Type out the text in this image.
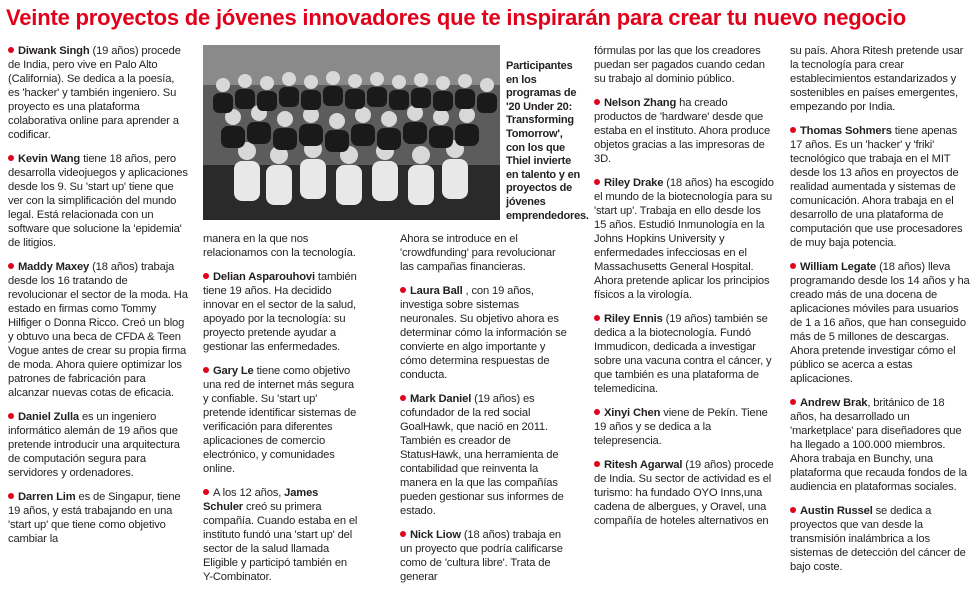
Veinte proyectos de jóvenes innovadores que te inspirarán para crear tu nuevo negocio

Diwank Singh (19 años) procede de India, pero vive en Palo Alto (California). Se dedica a la poesía, es 'hacker' y también ingeniero. Su proyecto es una plataforma colaborativa online para aprender a codificar.

Kevin Wang tiene 18 años, pero desarrolla videojuegos y aplicaciones desde los 9. Su 'start up' tiene que ver con la simplificación del mundo legal. Está relacionada con un software que solucione la 'epidemia' de litigios.

Maddy Maxey (18 años) trabaja desde los 16 tratando de revolucionar el sector de la moda. Ha estado en firmas como Tommy Hilfiger o Donna Ricco. Creó un blog y obtuvo una beca de CFDA & Teen Vogue antes de crear su propia firma de moda. Ahora quiere optimizar los patrones de fabricación para alcanzar nuevas cotas de eficacia.

Daniel Zulla es un ingeniero informático alemán de 19 años que pretende introducir una arquitectura de computación segura para servidores y ordenadores.

Darren Lim es de Singapur, tiene 19 años, y está trabajando en una 'start up' que tiene como objetivo cambiar la

Participantes en los programas de '20 Under 20: Transforming Tomorrow', con los que Thiel invierte en talento y en proyectos de jóvenes emprendedores.

manera en la que nos relacionamos con la tecnología.

Delian Asparouhovi también tiene 19 años. Ha decidido innovar en el sector de la salud, apoyado por la tecnología: su proyecto pretende ayudar a gestionar las enfermedades.

Gary Le tiene como objetivo una red de internet más segura y confiable. Su 'start up' pretende identificar sistemas de verificación para diferentes aplicaciones de comercio electrónico, y comunidades online.

A los 12 años, James Schuler creó su primera compañía. Cuando estaba en el instituto fundó una 'start up' del sector de la salud llamada Eligible y participó también en Y-Combinator.

Ahora se introduce en el 'crowdfunding' para revolucionar las campañas financieras.

Laura Ball , con 19 años, investiga sobre sistemas neuronales. Su objetivo ahora es determinar cómo la información se convierte en algo importante y cómo determina respuestas de conducta.

Mark Daniel (19 años) es cofundador de la red social GoalHawk, que nació en 2011. También es creador de StatusHawk, una herramienta de contabilidad que reinventa la manera en la que las compañías pueden gestionar sus informes de estado.

Nick Liow (18 años) trabaja en un proyecto que podría calificarse como de 'cultura libre'. Trata de generar

fórmulas por las que los creadores puedan ser pagados cuando cedan su trabajo al dominio público.

Nelson Zhang ha creado productos de 'hardware' desde que estaba en el instituto. Ahora produce objetos gracias a las impresoras de 3D.

Riley Drake (18 años) ha escogido el mundo de la biotecnología para su 'start up'. Trabaja en ello desde los 15 años. Estudió Inmunología en la Johns Hopkins University y enfermedades infecciosas en el Massachusetts General Hospital. Ahora pretende aplicar los principios físicos a la virología.

Riley Ennis (19 años) también se dedica a la biotecnología. Fundó Immudicon, dedicada a investigar sobre una vacuna contra el cáncer, y que también es una plataforma de telemedicina.

Xinyi Chen viene de Pekín. Tiene 19 años y se dedica a la telepresencia.

Ritesh Agarwal (19 años) procede de India. Su sector de actividad es el turismo: ha fundado OYO Inns,una cadena de albergues, y Oravel, una compañía de hoteles alternativos en

su país. Ahora Ritesh pretende usar la tecnología para crear establecimientos estandarizados y sostenibles en países emergentes, empezando por India.

Thomas Sohmers tiene apenas 17 años. Es un 'hacker' y 'friki' tecnológico que trabaja en el MIT desde los 13 años en proyectos de realidad aumentada y sistemas de comunicación. Ahora trabaja en el desarrollo de una plataforma de computación que use procesadores de muy baja potencia.

William Legate (18 años) lleva programando desde los 14 años y ha creado más de una docena de aplicaciones móviles para usuarios de 1 a 16 años, que han conseguido más de 5 millones de descargas. Ahora pretende investigar cómo el público se acerca a estas aplicaciones.

Andrew Brak, británico de 18 años, ha desarrollado un 'marketplace' para diseñadores que ha llegado a 100.000 miembros. Ahora trabaja en Bunchy, una plataforma que recauda fondos de la audiencia en plataformas sociales.

Austin Russel se dedica a proyectos que van desde la transmisión inalámbrica a los sistemas de detección del cáncer de bajo coste.
